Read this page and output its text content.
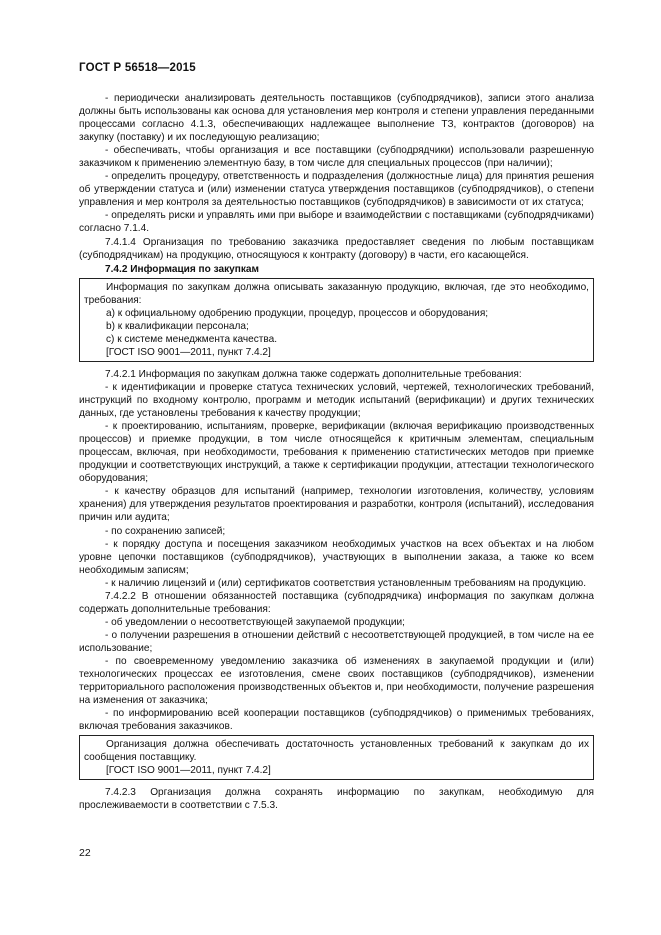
ГОСТ Р 56518—2015

- периодически анализировать деятельность поставщиков (субподрядчиков), записи этого анализа должны быть использованы как основа для установления мер контроля и степени управления переданными процессами согласно 4.1.3, обеспечивающих надлежащее выполнение ТЗ, контрактов (договоров) на закупку (поставку) и их последующую реализацию;

- обеспечивать, чтобы организация и все поставщики (субподрядчики) использовали разрешенную заказчиком к применению элементную базу, в том числе для специальных процессов (при наличии);

- определить процедуру, ответственность и подразделения (должностные лица) для принятия решения об утверждении статуса и (или) изменении статуса утверждения поставщиков (субподрядчиков), о степени управления и мер контроля за деятельностью поставщиков (субподрядчиков) в зависимости от их статуса;

- определять риски и управлять ими при выборе и взаимодействии с поставщиками (субподрядчиками) согласно 7.1.4.

7.4.1.4 Организация по требованию заказчика предоставляет сведения по любым поставщикам (субподрядчикам) на продукцию, относящуюся к контракту (договору) в части, его касающейся.

7.4.2 Информация по закупкам

Информация по закупкам должна описывать заказанную продукцию, включая, где это необходимо, требования:

а) к официальному одобрению продукции, процедур, процессов и оборудования;

b) к квалификации персонала;

с) к системе менеджмента качества.

[ГОСТ ISO 9001—2011, пункт 7.4.2]

7.4.2.1 Информация по закупкам должна также содержать дополнительные требования:

- к идентификации и проверке статуса технических условий, чертежей, технологических требований, инструкций по входному контролю, программ и методик испытаний (верификации) и других технических данных, где установлены требования к качеству продукции;

- к проектированию, испытаниям, проверке, верификации (включая верификацию производственных процессов) и приемке продукции, в том числе относящейся к критичным элементам, специальным процессам, включая, при необходимости, требования к применению статистических методов при приемке продукции и соответствующих инструкций, а также к сертификации продукции, аттестации технологического оборудования;

- к качеству образцов для испытаний (например, технологии изготовления, количеству, условиям хранения) для утверждения результатов проектирования и разработки, контроля (испытаний), исследования причин или аудита;

- по сохранению записей;

- к порядку доступа и посещения заказчиком необходимых участков на всех объектах и на любом уровне цепочки поставщиков (субподрядчиков), участвующих в выполнении заказа, а также ко всем необходимым записям;

- к наличию лицензий и (или) сертификатов соответствия установленным требованиям на продукцию.

7.4.2.2 В отношении обязанностей поставщика (субподрядчика) информация по закупкам должна содержать дополнительные требования:

- об уведомлении о несоответствующей закупаемой продукции;

- о получении разрешения в отношении действий с несоответствующей продукцией, в том числе на ее использование;

- по своевременному уведомлению заказчика об изменениях в закупаемой продукции и (или) технологических процессах ее изготовления, смене своих поставщиков (субподрядчиков), изменении территориального расположения производственных объектов и, при необходимости, получение разрешения на изменения от заказчика;

- по информированию всей кооперации поставщиков (субподрядчиков) о применимых требованиях, включая требования заказчиков.

Организация должна обеспечивать достаточность установленных требований к закупкам до их сообщения поставщику.

[ГОСТ ISO 9001—2011, пункт 7.4.2]

7.4.2.3 Организация должна сохранять информацию по закупкам, необходимую для прослеживаемости в соответствии с 7.5.3.

22
